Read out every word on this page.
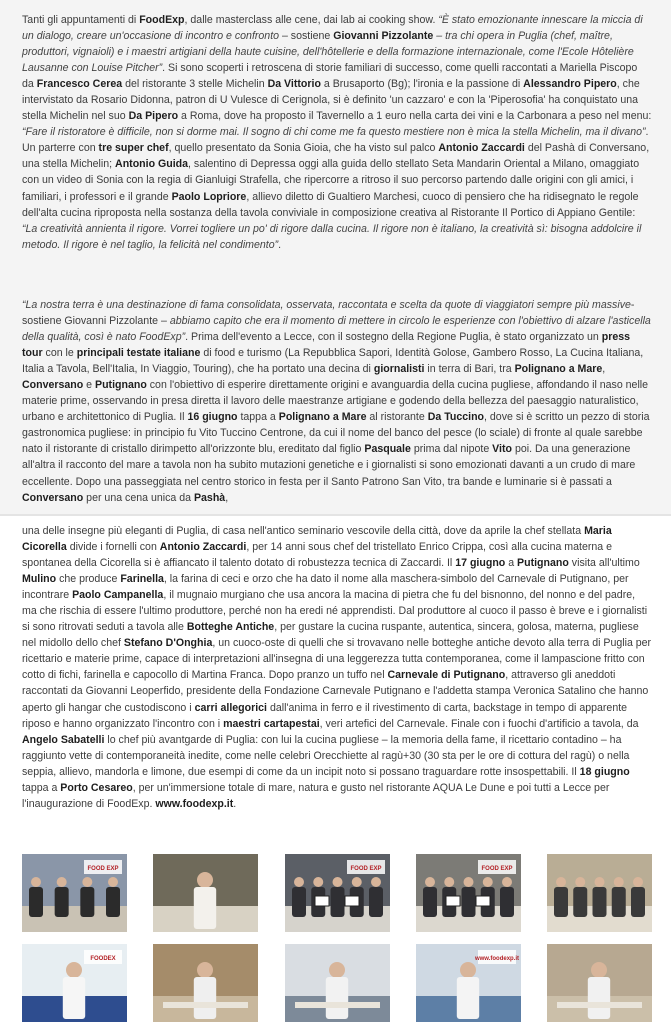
Tanti gli appuntamenti di FoodExp, dalle masterclass alle cene, dai lab ai cooking show. “È stato emozionante innescare la miccia di un dialogo, creare un'occasione di incontro e confronto – sostiene Giovanni Pizzolante – tra chi opera in Puglia (chef, maître, produttori, vignaioli) e i maestri artigiani della haute cuisine, dell'hôtellerie e della formazione internazionale, come l'Ecole Hôtelière Lausanne con Louise Pitcher”. Si sono scoperti i retroscena di storie familiari di successo, come quelli raccontati a Mariella Piscopo da Francesco Cerea del ristorante 3 stelle Michelin Da Vittorio a Brusaporto (Bg); l'ironia e la passione di Alessandro Pipero, che intervistato da Rosario Didonna, patron di U Vulesce di Cerignola, si è definito 'un cazzaro' e con la 'Piperosofia' ha conquistato una stella Michelin nel suo Da Pipero a Roma, dove ha proposto il Tavernello a 1 euro nella carta dei vini e la Carbonara a peso nel menu: “Fare il ristoratore è difficile, non si dorme mai. Il sogno di chi come me fa questo mestiere non è mica la stella Michelin, ma il divano”. Un parterre con tre super chef, quello presentato da Sonia Gioia, che ha visto sul palco Antonio Zaccardi del Pashà di Conversano, una stella Michelin; Antonio Guida, salentino di Depressa oggi alla guida dello stellato Seta Mandarin Oriental a Milano, omaggiato con un video di Sonia con la regia di Gianluigi Strafella, che ripercorre a ritroso il suo percorso partendo dalle origini con gli amici, i familiari, i professori e il grande Paolo Lopriore, allievo diletto di Gualtiero Marchesi, cuoco di pensiero che ha ridisegnato le regole dell'alta cucina riproposta nella sostanza della tavola conviviale in composizione creativa al Ristorante Il Portico di Appiano Gentile: “La creatività annienta il rigore. Vorrei togliere un po' di rigore dalla cucina. Il rigore non è italiano, la creatività sì: bisogna addolcire il metodo. Il rigore è nel taglio, la felicità nel condimento”.

“La nostra terra è una destinazione di fama consolidata, osservata, raccontata e scelta da quote di viaggiatori sempre più massive- sostiene Giovanni Pizzolante – abbiamo capito che era il momento di mettere in circolo le esperienze con l'obiettivo di alzare l'asticella della qualità, così è nato FoodExp”. Prima dell'evento a Lecce, con il sostegno della Regione Puglia, è stato organizzato un press tour con le principali testate italiane di food e turismo (La Repubblica Sapori, Identità Golose, Gambero Rosso, La Cucina Italiana, Italia a Tavola, Bell'Italia, In Viaggio, Touring), che ha portato una decina di giornalisti in terra di Bari, tra Polignano a Mare, Conversano e Putignano con l'obiettivo di esperire direttamente origini e avanguardia della cucina pugliese, affondando il naso nelle materie prime, osservando in presa diretta il lavoro delle maestranze artigiane e godendo della bellezza del paesaggio naturalistico, urbano e architettonico di Puglia. Il 16 giugno tappa a Polignano a Mare al ristorante Da Tuccino, dove si è scritto un pezzo di storia gastronomica pugliese: in principio fu Vito Tuccino Centrone, da cui il nome del banco del pesce (lo scіale) di fronte al quale sarebbe nato il ristorante di cristallo dirimpetto all'orizzonte blu, ereditato dal figlio Pasquale prima dal nipote Vito poi. Da una generazione all'altra il racconto del mare a tavola non ha subito mutazioni genetiche e i giornalisti si sono emozionati davanti a un crudo di mare eccellente. Dopo una passeggiata nel centro storico in festa per il Santo Patrono San Vito, tra bande e luminarie si è passati a Conversano per una cena unica da Pashà,

una delle insegne più eleganti di Puglia, di casa nell'antico seminario vescovile della città, dove da aprile la chef stellata Maria Cicorella divide i fornelli con Antonio Zaccardi, per 14 anni sous chef del tristellato Enrico Crippa, così alla cucina materna e spontanea della Cicorella si è affiancato il talento dotato di robustezza tecnica di Zaccardi. Il 17 giugno a Putignano visita all'ultimo Mulino che produce Farinella, la farina di ceci e orzo che ha dato il nome alla maschera-simbolo del Carnevale di Putignano, per incontrare Paolo Campanella, il mugnaio murgiano che usa ancora la macina di pietra che fu del bisnonno, del nonno e del padre, ma che rischia di essere l'ultimo produttore, perché non ha eredi né apprendisti. Dal produttore al cuoco il passo è breve e i giornalisti si sono ritrovati seduti a tavola alle Botteghe Antiche, per gustare la cucina ruspante, autentica, sincera, golosa, materna, pugliese nel midollo dello chef Stefano D'Onghia, un cuoco-oste di quelli che si trovavano nelle botteghe antiche devoto alla terra di Puglia per ricettario e materie prime, capace di interpretazioni all'insegna di una leggerezza tutta contemporanea, come il lampascione fritto con cotto di fichi, farinella e capocollo di Martina Franca. Dopo pranzo un tuffo nel Carnevale di Putignano, attraverso gli aneddoti raccontati da Giovanni Leoperfido, presidente della Fondazione Carnevale Putignano e l'addetta stampa Veronica Satalino che hanno aperto gli hangar che custodiscono i carri allegorici dall'anima in ferro e il rivestimento di carta, backstage in tempo di apparente riposo e hanno organizzato l'incontro con i maestri cartapestai, veri artefici del Carnevale. Finale con i fuochi d'artificio a tavola, da Angelo Sabatelli lo chef più avantgarde di Puglia: con lui la cucina pugliese – la memoria della fame, il ricettario contadino – ha raggiunto vette di contemporaneità inedite, come nelle celebri Orecchiette al ragù+30 (30 sta per le ore di cottura del ragù) o nella seppia, allievo, mandorla e limone, due esempi di come da un incipit noto si possano traguardare rotte insospettabili. Il 18 giugno tappa a Porto Cesareo, per un'immersione totale di mare, natura e gusto nel ristorante AQUA Le Dune e poi tutti a Lecce per l'inaugurazione di FoodExp. www.foodexp.it.

FOOD EXP	FOOD EXP	FOOD EXP
FOODEX	www.foodexp.it
